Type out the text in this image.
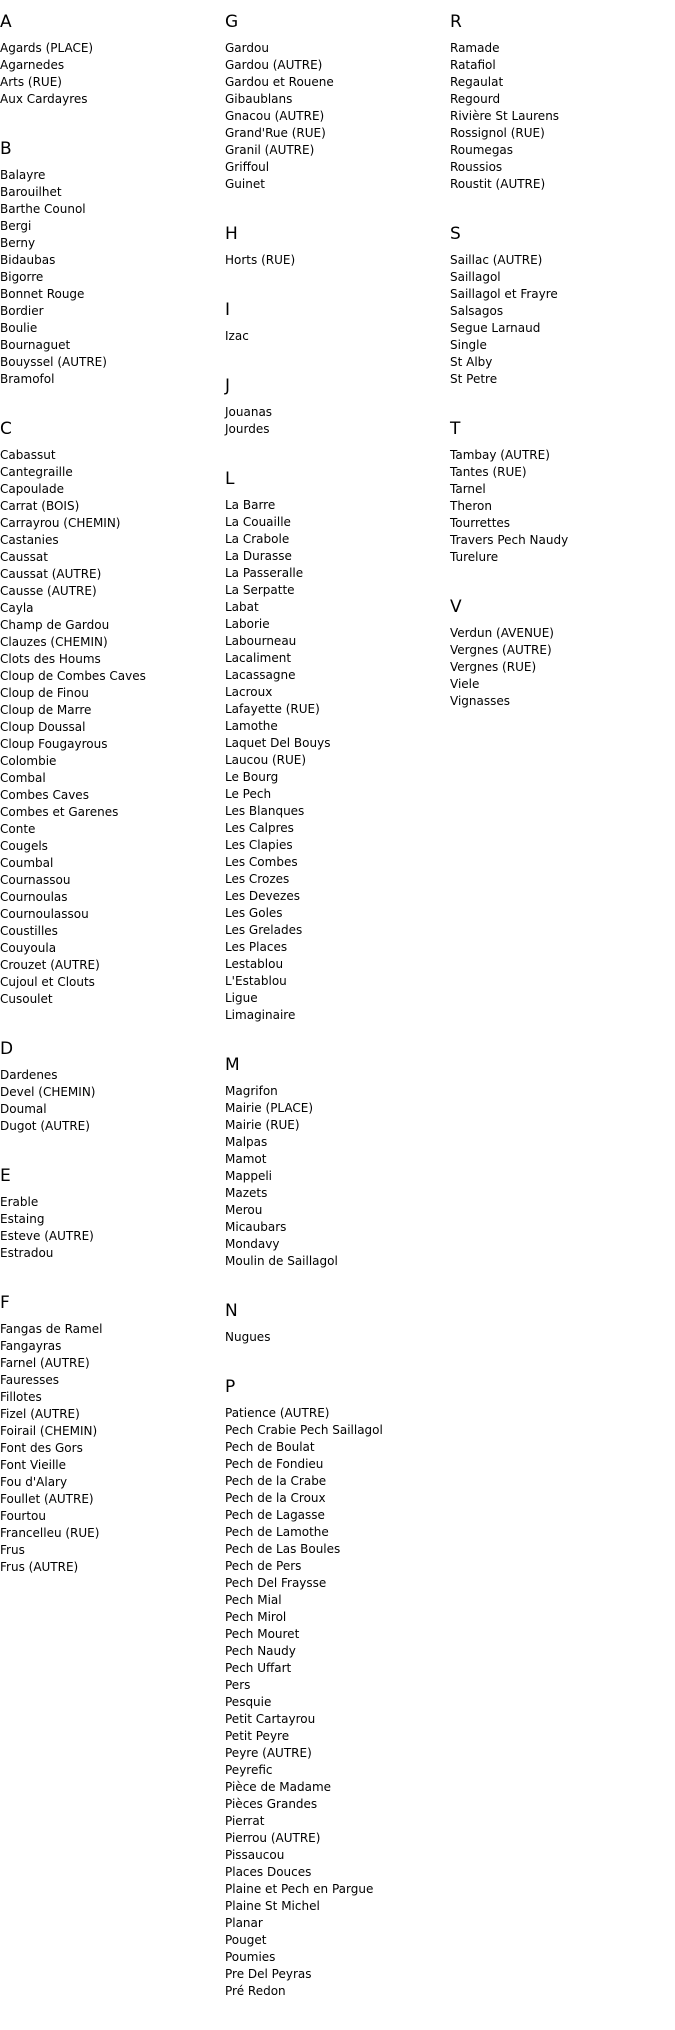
A
Agards (PLACE)
Agarnedes
Arts (RUE)
Aux Cardayres
B
Balayre
Barouilhet
Barthe Counol
Bergi
Berny
Bidaubas
Bigorre
Bonnet Rouge
Bordier
Boulie
Bournaguet
Bouyssel (AUTRE)
Bramofol
C
Cabassut
Cantegraille
Capoulade
Carrat (BOIS)
Carrayrou (CHEMIN)
Castanies
Caussat
Caussat (AUTRE)
Causse (AUTRE)
Cayla
Champ de Gardou
Clauzes (CHEMIN)
Clots des Houms
Cloup de Combes Caves
Cloup de Finou
Cloup de Marre
Cloup Doussal
Cloup Fougayrous
Colombie
Combal
Combes Caves
Combes et Garenes
Conte
Cougels
Coumbal
Cournassou
Cournoulas
Cournoulassou
Coustilles
Couyoula
Crouzet (AUTRE)
Cujoul et Clouts
Cusoulet
D
Dardenes
Devel (CHEMIN)
Doumal
Dugot (AUTRE)
E
Erable
Estaing
Esteve (AUTRE)
Estradou
F
Fangas de Ramel
Fangayras
Farnel (AUTRE)
Fauresses
Fillotes
Fizel (AUTRE)
Foirail (CHEMIN)
Font des Gors
Font Vieille
Fou d'Alary
Foullet (AUTRE)
Fourtou
Francelleu (RUE)
Frus
Frus (AUTRE)
G
Gardou
Gardou (AUTRE)
Gardou et Rouene
Gibaublans
Gnacou (AUTRE)
Grand'Rue (RUE)
Granil (AUTRE)
Griffoul
Guinet
H
Horts (RUE)
I
Izac
J
Jouanas
Jourdes
L
La Barre
La Couaille
La Crabole
La Durasse
La Passeralle
La Serpatte
Labat
Laborie
Labourneau
Lacaliment
Lacassagne
Lacroux
Lafayette (RUE)
Lamothe
Laquet Del Bouys
Laucou (RUE)
Le Bourg
Le Pech
Les Blanques
Les Calpres
Les Clapies
Les Combes
Les Crozes
Les Devezes
Les Goles
Les Grelades
Les Places
Lestablou
L'Establou
Ligue
Limaginaire
M
Magrifon
Mairie (PLACE)
Mairie (RUE)
Malpas
Mamot
Mappeli
Mazets
Merou
Micaubars
Mondavy
Moulin de Saillagol
N
Nugues
P
Patience (AUTRE)
Pech Crabie Pech Saillagol
Pech de Boulat
Pech de Fondieu
Pech de la Crabe
Pech de la Croux
Pech de Lagasse
Pech de Lamothe
Pech de Las Boules
Pech de Pers
Pech Del Fraysse
Pech Mial
Pech Mirol
Pech Mouret
Pech Naudy
Pech Uffart
Pers
Pesquie
Petit Cartayrou
Petit Peyre
Peyre (AUTRE)
Peyrefic
Pièce de Madame
Pièces Grandes
Pierrat
Pierrou (AUTRE)
Pissaucou
Places Douces
Plaine et Pech en Pargue
Plaine St Michel
Planar
Pouget
Poumies
Pre Del Peyras
Pré Redon
R
Ramade
Ratafiol
Regaulat
Regourd
Rivière St Laurens
Rossignol (RUE)
Roumegas
Roussios
Roustit (AUTRE)
S
Saillac (AUTRE)
Saillagol
Saillagol et Frayre
Salsagos
Segue Larnaud
Single
St Alby
St Petre
T
Tambay (AUTRE)
Tantes (RUE)
Tarnel
Theron
Tourrettes
Travers Pech Naudy
Turelure
V
Verdun (AVENUE)
Vergnes (AUTRE)
Vergnes (RUE)
Viele
Vignasses
